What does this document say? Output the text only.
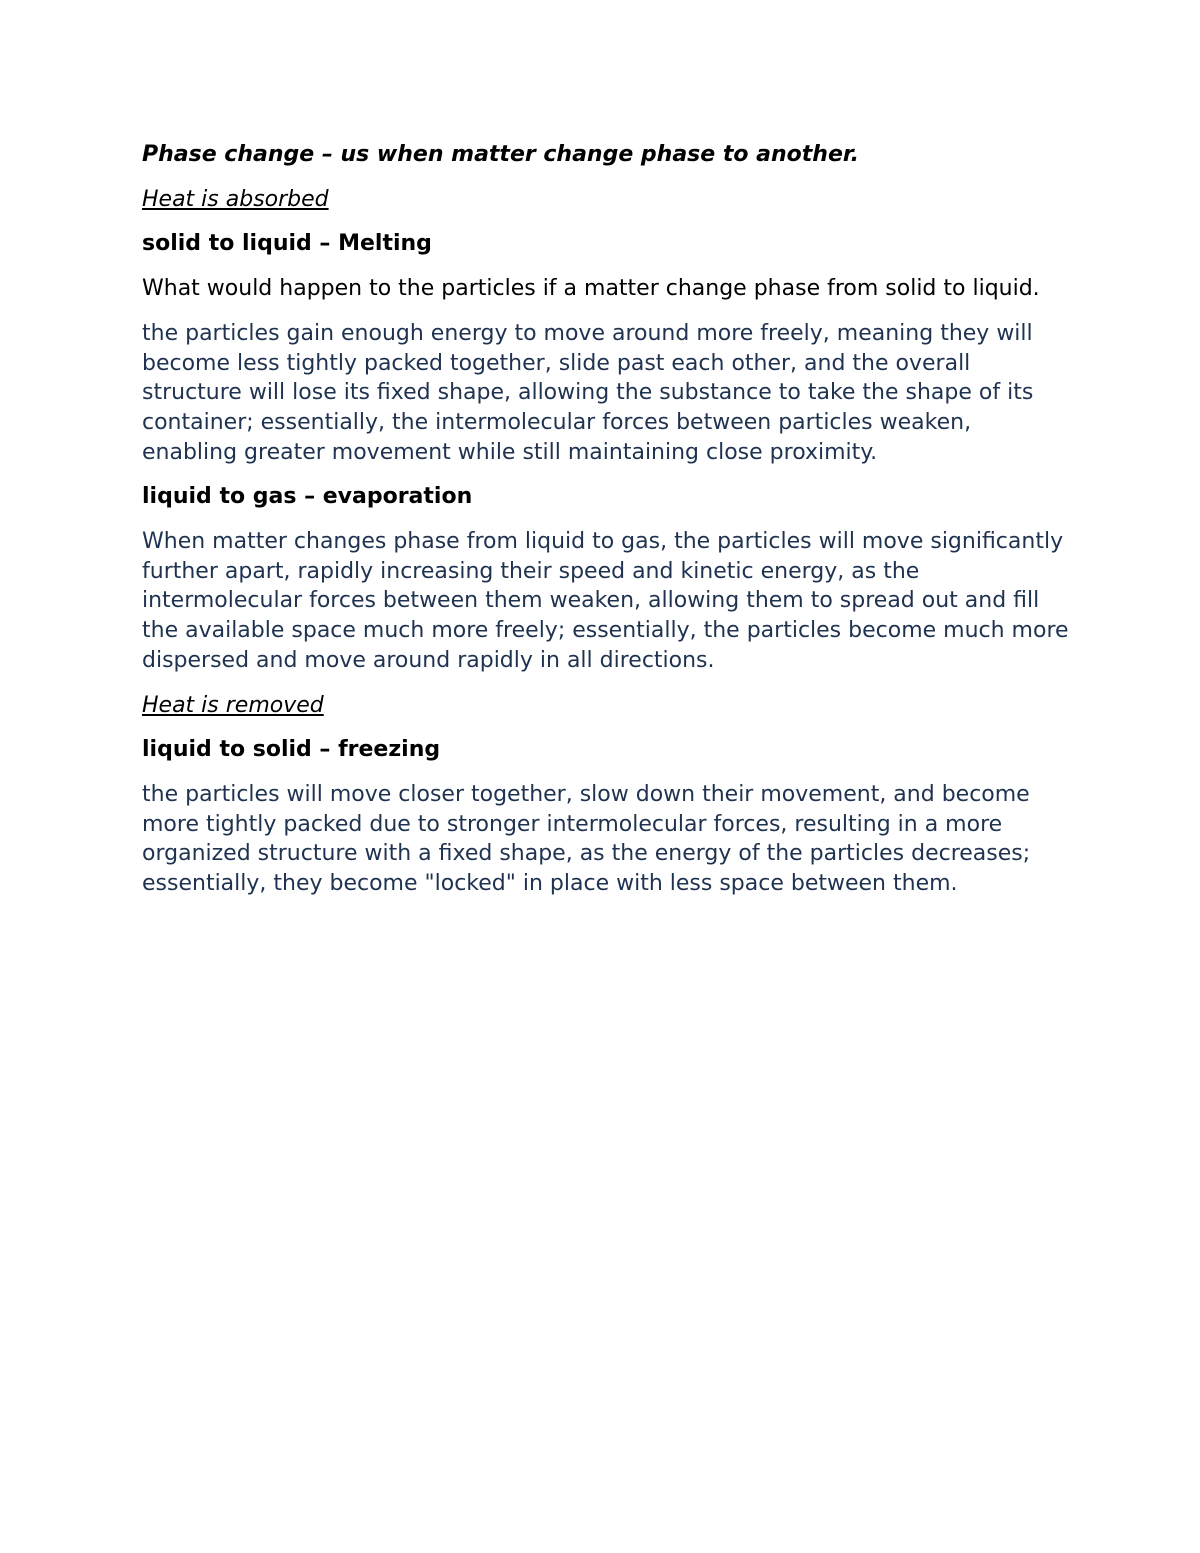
Phase change – us when matter change phase to another.

Heat is absorbed

solid to liquid – Melting

What would happen to the particles if a matter change phase from solid to liquid.

the particles gain enough energy to move around more freely, meaning they will become less tightly packed together, slide past each other, and the overall structure will lose its fixed shape, allowing the substance to take the shape of its container; essentially, the intermolecular forces between particles weaken, enabling greater movement while still maintaining close proximity.

liquid to gas – evaporation

When matter changes phase from liquid to gas, the particles will move significantly further apart, rapidly increasing their speed and kinetic energy, as the intermolecular forces between them weaken, allowing them to spread out and fill the available space much more freely; essentially, the particles become much more dispersed and move around rapidly in all directions.

Heat is removed

liquid to solid – freezing

the particles will move closer together, slow down their movement, and become more tightly packed due to stronger intermolecular forces, resulting in a more organized structure with a fixed shape, as the energy of the particles decreases; essentially, they become "locked" in place with less space between them.
